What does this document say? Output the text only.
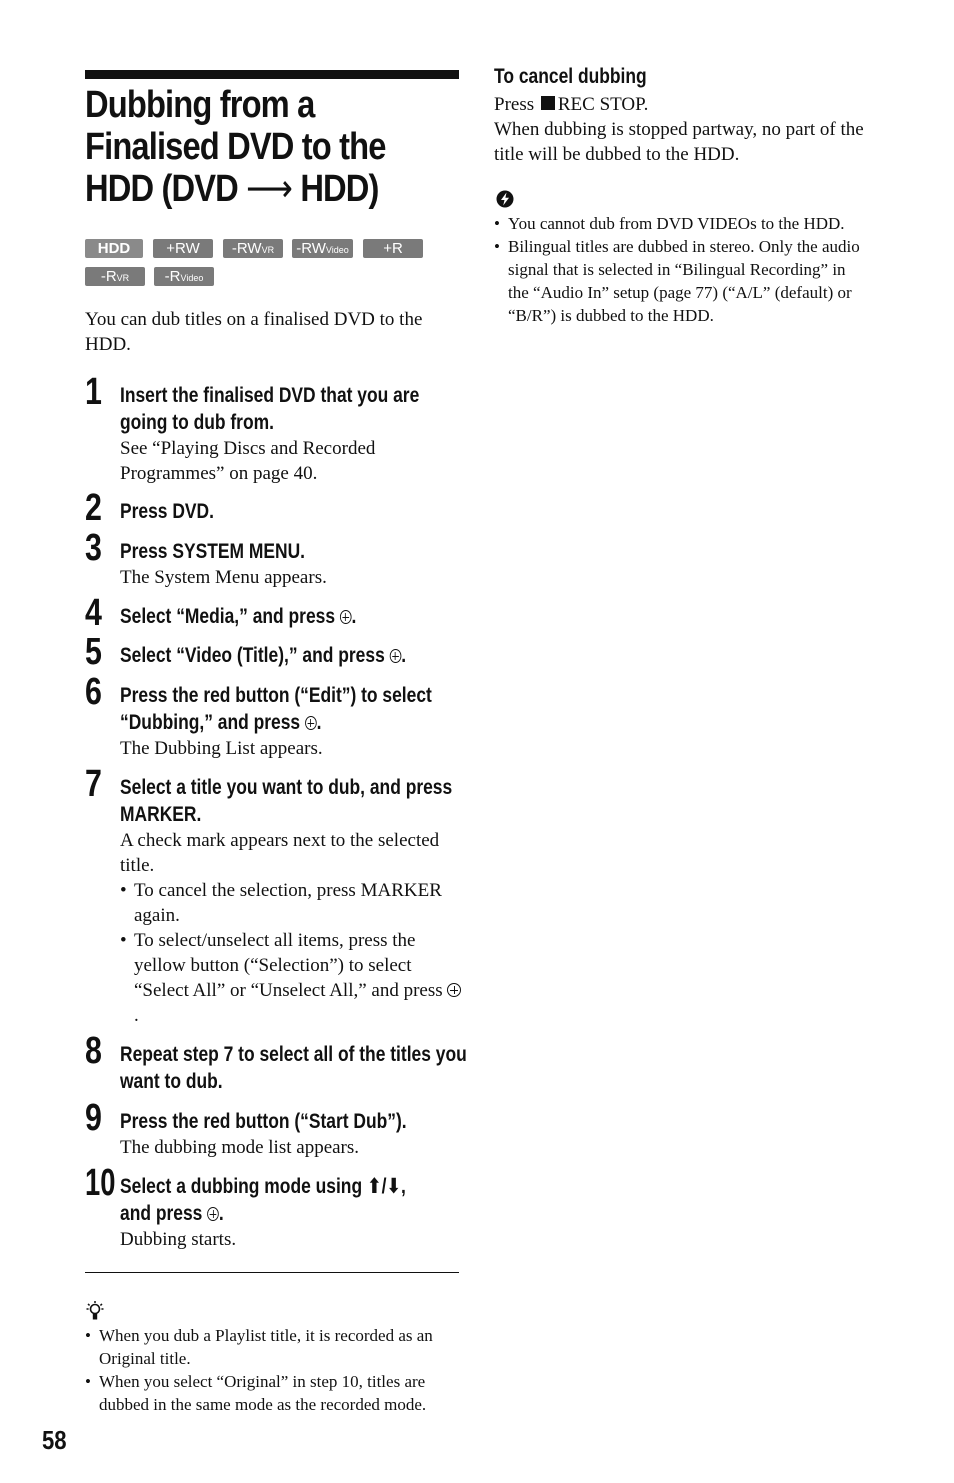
Dubbing from a
Finalised DVD to the
HDD (DVD ⟶ HDD)
HDD	+RW	-RWVR	-RWVideo	+R
-RVR	-RVideo

You can dub titles on a finalised DVD to the HDD.

1 Insert the finalised DVD that you are going to dub from.
See “Playing Discs and Recorded Programmes” on page 40.
2 Press DVD.
3 Press SYSTEM MENU.
The System Menu appears.
4 Select “Media,” and press .
5 Select “Video (Title),” and press .
6 Press the red button (“Edit”) to select “Dubbing,” and press .
The Dubbing List appears.
7 Select a title you want to dub, and press MARKER.
A check mark appears next to the selected title.
• To cancel the selection, press MARKER again.
• To select/unselect all items, press the yellow button (“Selection”) to select “Select All” or “Unselect All,” and press .
8 Repeat step 7 to select all of the titles you want to dub.
9 Press the red button (“Start Dub”).
The dubbing mode list appears.
10 Select a dubbing mode using ⬆/⬇,
and press .
Dubbing starts.
• When you dub a Playlist title, it is recorded as an Original title.
• When you select “Original” in step 10, titles are dubbed in the same mode as the recorded mode.
58
To cancel dubbing
Press REC STOP.
When dubbing is stopped partway, no part of the title will be dubbed to the HDD.
• You cannot dub from DVD VIDEOs to the HDD.
• Bilingual titles are dubbed in stereo. Only the audio signal that is selected in “Bilingual Recording” in the “Audio In” setup (page 77) (“A/L” (default) or “B/R”) is dubbed to the HDD.
